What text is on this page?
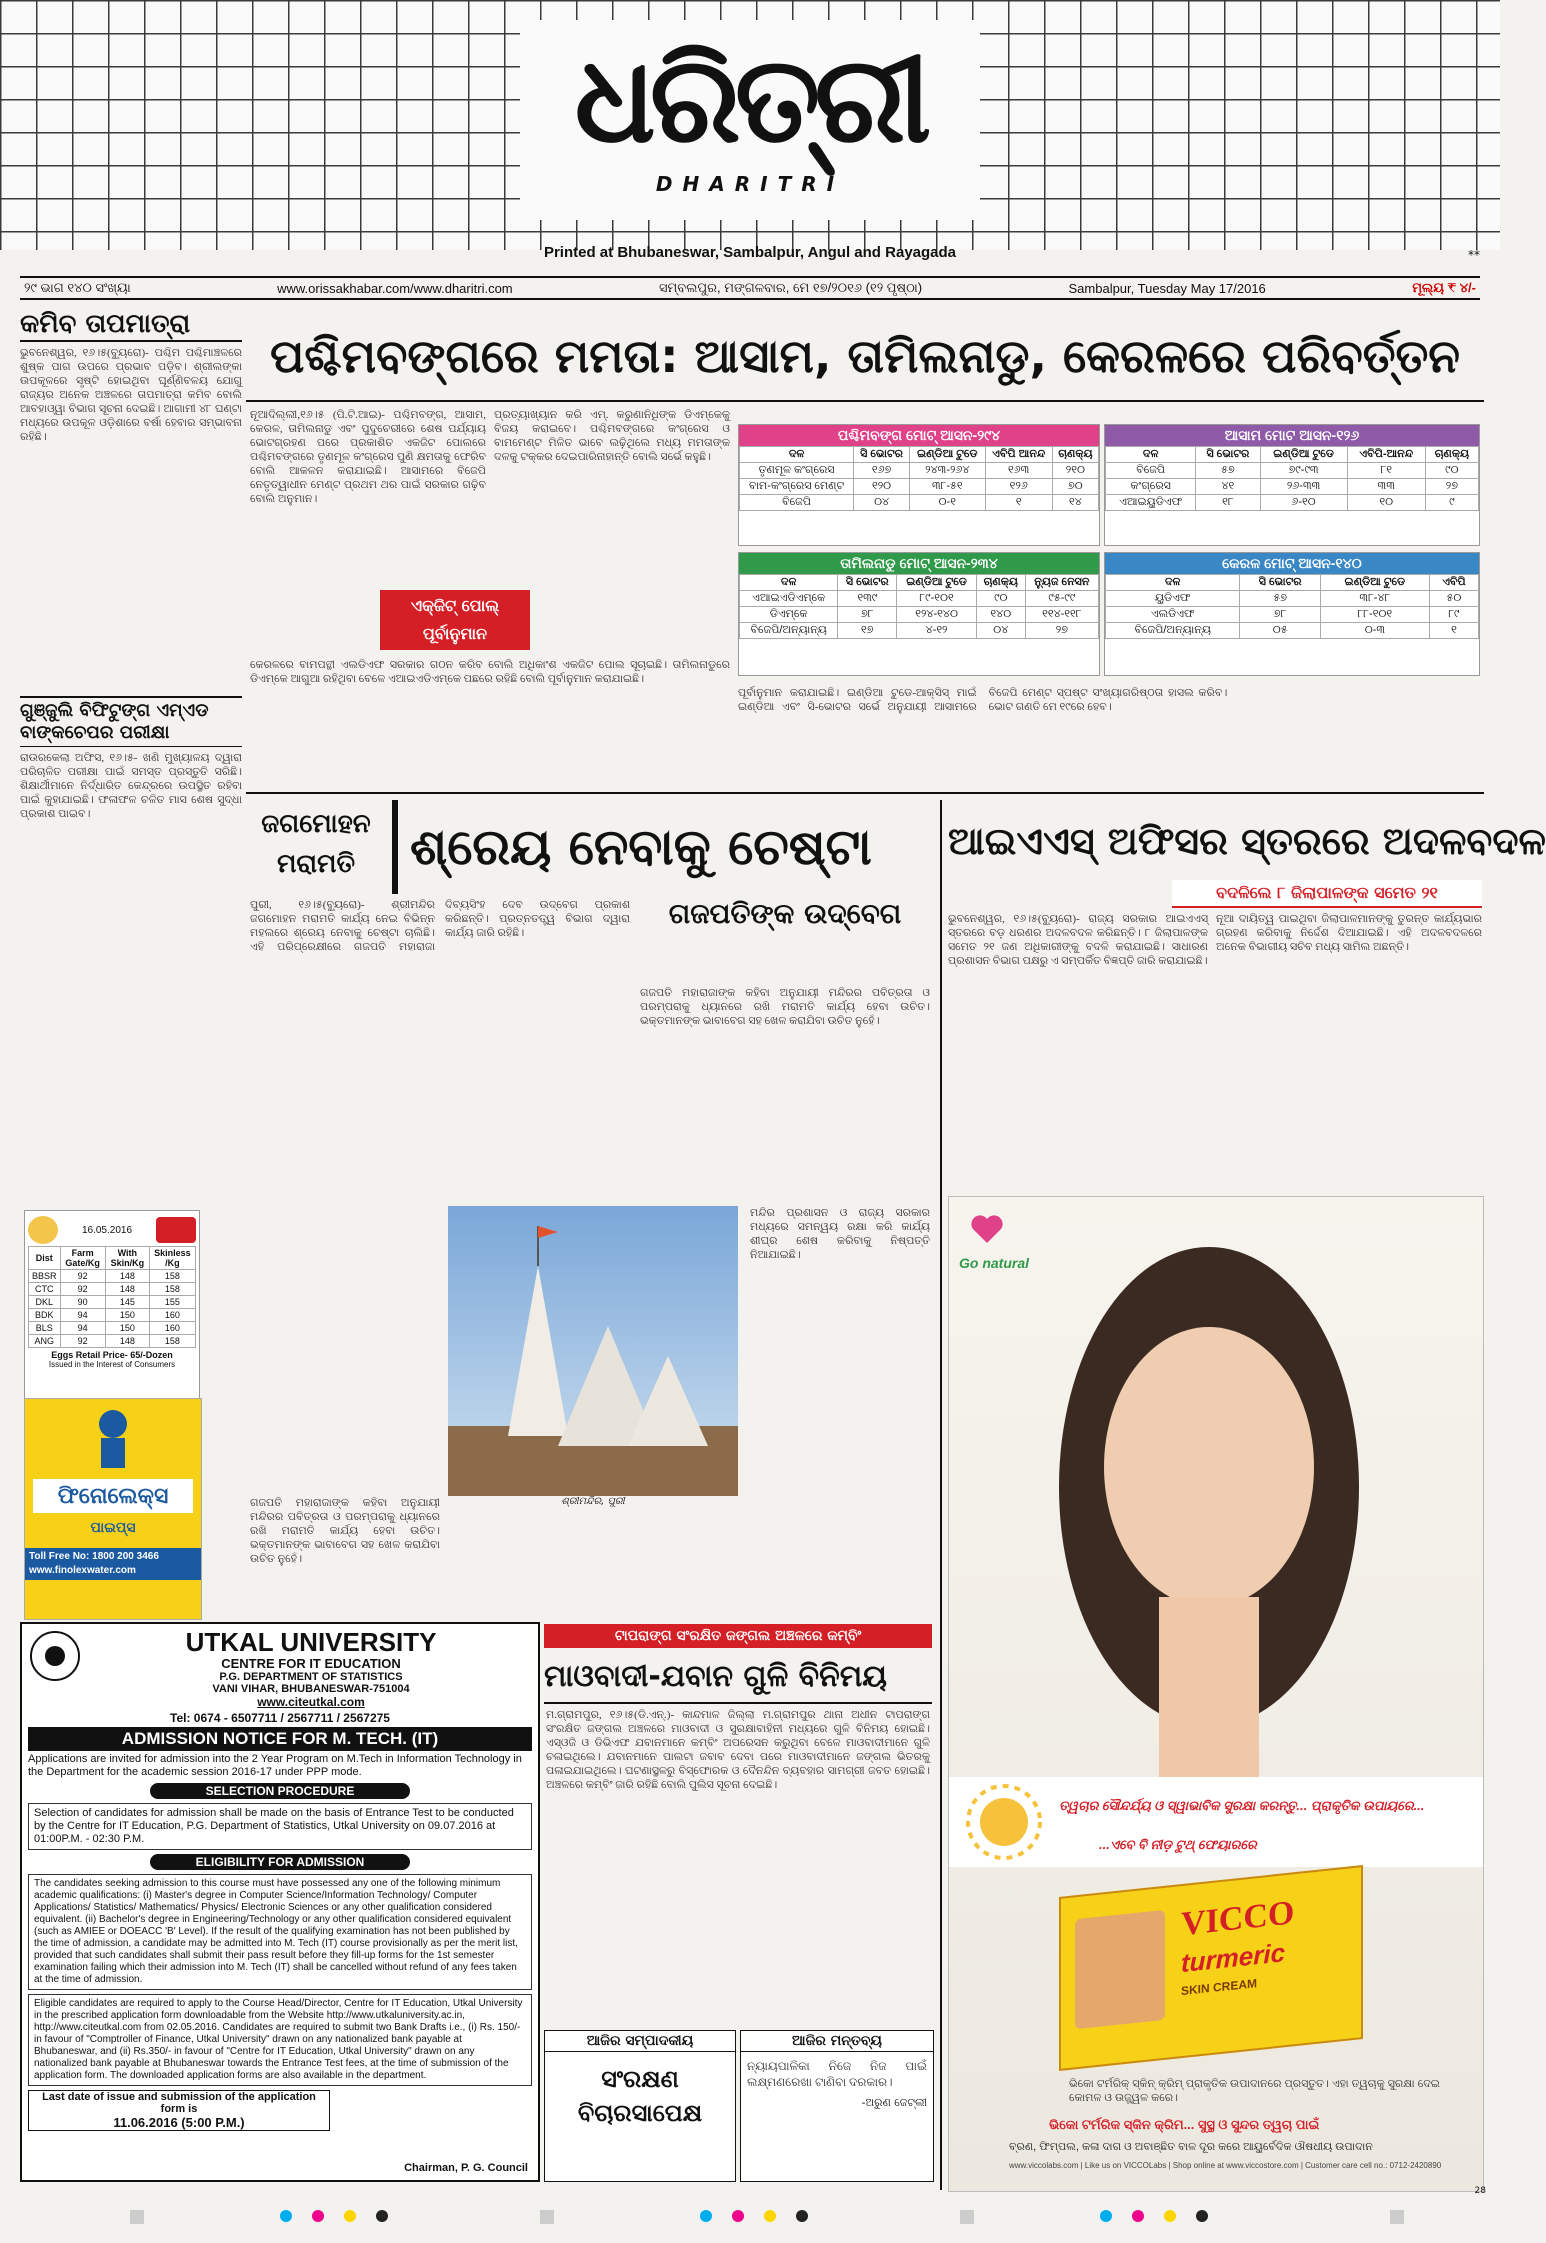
ଧରିତ୍ରୀ
DHARITRI
Printed at Bhubaneswar, Sambalpur, Angul and Rayagada	**
୨୯ ଭାଗ ୧୪୦ ସଂଖ୍ୟା	www.orissakhabar.com/www.dharitri.com	ସମ୍ବଲପୁର, ମଙ୍ଗଳବାର, ମେ ୧୭/୨୦୧୬ (୧୨ ପୃଷ୍ଠା)	Sambalpur, Tuesday May 17/2016	ମୂଲ୍ୟ ₹ ୪/-
କମିବ ତାପମାତ୍ରା
ଭୁବନେଶ୍ୱର, ୧୬।୫(ବ୍ୟୁରୋ)- ପଶ୍ଚିମ ପଶ୍ଚିମାଞ୍ଚଳରେ ଶୁଷ୍କ ପାଗ ଉପରେ ପ୍ରଭାବ ପଡ଼ିବ। ଶ୍ରୀଲଙ୍କା ଉପକୂଳରେ ସୃଷ୍ଟି ହୋଇଥିବା ଘୂର୍ଣ୍ଣିବଳୟ ଯୋଗୁ ରାଜ୍ୟର ଅନେକ ଅଞ୍ଚଳରେ ତାପମାତ୍ରା କମିବ ବୋଲି ଆବହାଓ୍ୱା ବିଭାଗ ସୂଚନା ଦେଇଛି। ଆଗାମୀ ୪୮ ଘଣ୍ଟା ମଧ୍ୟରେ ଉପକୂଳ ଓଡ଼ିଶାରେ ବର୍ଷା ହେବାର ସମ୍ଭାବନା ରହିଛି।
ଗୁଞ୍ଜୁଲି ବିଫିଟୁଙ୍ଗ ଏମ୍ଏଡ ବାଙ୍କଚେପର ପରୀକ୍ଷା
ରାଉରକେଲା ଅଫିସ, ୧୬।୫- ଖଣି ମୁଖ୍ୟାଳୟ ଦ୍ୱାରା ପରିଚାଳିତ ପରୀକ୍ଷା ପାଇଁ ସମସ୍ତ ପ୍ରସ୍ତୁତି ସରିଛି। ଶିକ୍ଷାର୍ଥୀମାନେ ନିର୍ଦ୍ଧାରିତ କେନ୍ଦ୍ରରେ ଉପସ୍ଥିତ ରହିବା ପାଇଁ କୁହାଯାଇଛି। ଫଳାଫଳ ଚଳିତ ମାସ ଶେଷ ସୁଦ୍ଧା ପ୍ରକାଶ ପାଇବ।
16.05.2016
Dist	Farm Gate/Kg	With Skin/Kg	Skinless /Kg
BBSR	92	148	158
CTC	92	148	158
DKL	90	145	155
BDK	94	150	160
BLS	94	150	160
ANG	92	148	158
Eggs Retail Price- 65/-Dozen
Issued in the Interest of Consumers
ଫିନୋଲେକ୍ସ
ପାଇପ୍ସ
Toll Free No: 1800 200 3466
www.finolexwater.com
UTKAL UNIVERSITY
CENTRE FOR IT EDUCATION
P.G. DEPARTMENT OF STATISTICS
VANI VIHAR, BHUBANESWAR-751004
www.citeutkal.com
Tel: 0674 - 6507711 / 2567711 / 2567275
ADMISSION NOTICE FOR M. TECH. (IT)
Applications are invited for admission into the 2 Year Program on M.Tech in Information Technology in the Department for the academic session 2016-17 under PPP mode.
SELECTION PROCEDURE
Selection of candidates for admission shall be made on the basis of Entrance Test to be conducted by the Centre for IT Education, P.G. Department of Statistics, Utkal University on 09.07.2016 at 01:00P.M. - 02:30 P.M.
ELIGIBILITY FOR ADMISSION
The candidates seeking admission to this course must have possessed any one of the following minimum academic qualifications: (i) Master's degree in Computer Science/Information Technology/ Computer Applications/ Statistics/ Mathematics/ Physics/ Electronic Sciences or any other qualification considered equivalent. (ii) Bachelor's degree in Engineering/Technology or any other qualification considered equivalent (such as AMIEE or DOEACC 'B' Level). If the result of the qualifying examination has not been published by the time of admission, a candidate may be admitted into M. Tech (IT) course provisionally as per the merit list, provided that such candidates shall submit their pass result before they fill-up forms for the 1st semester examination failing which their admission into M. Tech (IT) shall be cancelled without refund of any fees taken at the time of admission.
Eligible candidates are required to apply to the Course Head/Director, Centre for IT Education, Utkal University in the prescribed application form downloadable from the Website http://www.utkaluniversity.ac.in, http://www.citeutkal.com from 02.05.2016. Candidates are required to submit two Bank Drafts i.e., (i) Rs. 150/- in favour of "Comptroller of Finance, Utkal University" drawn on any nationalized bank payable at Bhubaneswar, and (ii) Rs.350/- in favour of "Centre for IT Education, Utkal University" drawn on any nationalized bank payable at Bhubaneswar towards the Entrance Test fees, at the time of submission of the application form. The downloaded application forms are also available in the department.
Last date of issue and submission of the application form is
11.06.2016 (5:00 P.M.)
Chairman, P. G. Council
ପଶ୍ଚିମବଙ୍ଗରେ ମମତା: ଆସାମ, ତାମିଲନାଡୁ, କେରଳରେ ପରିବର୍ତ୍ତନ
ନୂଆଦିଲ୍ଲୀ,୧୬।୫ (ପି.ଟି.ଆଇ)- ପଶ୍ଚିମବଙ୍ଗ, ଆସାମ, କେରଳ, ତାମିଲନାଡୁ ଏବଂ ପୁଦୁଚେରୀରେ ଶେଷ ପର୍ଯ୍ୟାୟ ଭୋଟଗ୍ରହଣ ପରେ ପ୍ରକାଶିତ ଏକଜିଟ ପୋଲରେ ପଶ୍ଚିମବଙ୍ଗରେ ତୃଣମୂଳ କଂଗ୍ରେସ ପୁଣି କ୍ଷମତାକୁ ଫେରିବ ବୋଲି ଆକଳନ କରାଯାଇଛି। ଆସାମରେ ବିଜେପି ନେତୃତ୍ୱାଧୀନ ମେଣ୍ଟ ପ୍ରଥମ ଥର ପାଇଁ ସରକାର ଗଢ଼ିବ ବୋଲି ଅନୁମାନ।
ପ୍ରତ୍ୟାଖ୍ୟାନ କରି ଏମ୍. କରୁଣାନିଧିଙ୍କ ଡିଏମ୍‌କେକୁ ବିଜୟ କରାଇବେ। ପଶ୍ଚିମବଙ୍ଗରେ କଂଗ୍ରେସ ଓ ବାମମେଣ୍ଟ ମିଳିତ ଭାବେ ଲଢ଼ିଥିଲେ ମଧ୍ୟ ମମତାଙ୍କ ଦଳକୁ ଟକ୍କର ଦେଇପାରିନାହାନ୍ତି ବୋଲି ସର୍ଭେ କହୁଛି।
ଏକ୍ଜିଟ୍ ପୋଲ୍ ପୂର୍ବାନୁମାନ
କେରଳରେ ବାମପନ୍ଥୀ ଏଲଡିଏଫ ସରକାର ଗଠନ କରିବ ବୋଲି ଅଧିକାଂଶ ଏକଜିଟ ପୋଲ ସୂଚାଇଛି। ତାମିଲନାଡୁରେ ଡିଏମ୍‌କେ ଆଗୁଆ ରହିଥିବା ବେଳେ ଏଆଇଏଡିଏମ୍‌କେ ପଛରେ ରହିଛି ବୋଲି ପୂର୍ବାନୁମାନ କରାଯାଇଛି।
ପଶ୍ଚିମବଙ୍ଗ ମୋଟ୍ ଆସନ-୨୯୪
ଦଳ	ସି ଭୋଟର	ଇଣ୍ଡିଆ ଟୁଡେ	ଏବିପି ଆନନ୍ଦ	ଚାଣକ୍ୟ
ତୃଣମୂଳ କଂଗ୍ରେସ	୧୬୭	୨୪୩-୨୬୪	୧୬୩	୨୧୦
ବାମ-କଂଗ୍ରେସ ମେଣ୍ଟ	୧୨୦	୩୮-୫୧	୧୨୬	୭୦
ବିଜେପି	୦୪	୦-୧	୧	୧୪
ଆସାମ ମୋଟ ଆସନ-୧୨୬
ଦଳ	ସି ଭୋଟର	ଇଣ୍ଡିଆ ଟୁଡେ	ଏବିପି-ଆନନ୍ଦ	ଚାଣକ୍ୟ
ବିଜେପି	୫୭	୭୯-୯୩	୮୧	୯୦
କଂଗ୍ରେସ	୪୧	୨୬-୩୩	୩୩	୨୭
ଏଆଇୟୁଡିଏଫ	୧୮	୬-୧୦	୧୦	୯
ତାମିଲନାଡୁ ମୋଟ୍ ଆସନ-୨୩୪
ଦଳ	ସି ଭୋଟର	ଇଣ୍ଡିଆ ଟୁଡେ	ଚାଣକ୍ୟ	ନ୍ୟୁଜ ନେସନ
ଏଆଇଏଡିଏମ୍‌କେ	୧୩୯	୮୯-୧୦୧	୯୦	୯୫-୯୯
ଡିଏମ୍‌କେ	୭୮	୧୨୪-୧୪୦	୧୪୦	୧୧୪-୧୧୮
ବିଜେପି/ଅନ୍ୟାନ୍ୟ	୧୭	୪-୧୨	୦୪	୨୭
କେରଳ ମୋଟ୍ ଆସନ-୧୪୦
ଦଳ	ସି ଭୋଟର	ଇଣ୍ଡିଆ ଟୁଡେ	ଏବିପି
ୟୁଡିଏଫ	୫୭	୩୮-୪୮	୫୦
ଏଲଡିଏଫ	୭୮	୮୮-୧୦୧	୮୯
ବିଜେପି/ଅନ୍ୟାନ୍ୟ	୦୫	୦-୩	୧
ପୂର୍ବାନୁମାନ କରାଯାଇଛି। ଇଣ୍ଡିଆ ଟୁଡେ-ଆକ୍ସିସ୍ ମାଇଁ ଇଣ୍ଡିଆ ଏବଂ ସି-ଭୋଟର ସର୍ଭେ ଅନୁଯାୟୀ ଆସାମରେ ବିଜେପି ମେଣ୍ଟ ସ୍ପଷ୍ଟ ସଂଖ୍ୟାଗରିଷ୍ଠତା ହାସଲ କରିବ। ଭୋଟ ଗଣତି ମେ ୧୯ରେ ହେବ।
ଜଗମୋହନ
ମରାମତି	ଶ୍ରେୟ ନେବାକୁ ଚେଷ୍ଟା
ଗଜପତିଙ୍କ ଉଦ୍‌ବେଗ
ପୁରୀ, ୧୬।୫(ବ୍ୟୁରୋ)- ଶ୍ରୀମନ୍ଦିର ଜଗମୋହନ ମରାମତି କାର୍ଯ୍ୟ ନେଇ ବିଭିନ୍ନ ମହଲରେ ଶ୍ରେୟ ନେବାକୁ ଚେଷ୍ଟା ଚାଲିଛି। ଏହି ପରିପ୍ରେକ୍ଷୀରେ ଗଜପତି ମହାରାଜା ଦିବ୍ୟସିଂହ ଦେବ ଉଦ୍‌ବେଗ ପ୍ରକାଶ କରିଛନ୍ତି। ପ୍ରତ୍ନତତ୍ତ୍ୱ ବିଭାଗ ଦ୍ୱାରା କାର୍ଯ୍ୟ ଜାରି ରହିଛି।
ଗଜପତି ମହାରାଜାଙ୍କ କହିବା ଅନୁଯାୟୀ ମନ୍ଦିରର ପବିତ୍ରତା ଓ ପରମ୍ପରାକୁ ଧ୍ୟାନରେ ରଖି ମରାମତି କାର୍ଯ୍ୟ ହେବା ଉଚିତ। ଭକ୍ତମାନଙ୍କ ଭାବାବେଗ ସହ ଖେଳ କରାଯିବା ଉଚିତ ନୁହେଁ।
ମନ୍ଦିର ପ୍ରଶାସନ ଓ ରାଜ୍ୟ ସରକାର ମଧ୍ୟରେ ସମନ୍ୱୟ ରକ୍ଷା କରି କାର୍ଯ୍ୟ ଶୀଘ୍ର ଶେଷ କରିବାକୁ ନିଷ୍ପତ୍ତି ନିଆଯାଇଛି।
ଶ୍ରୀମନ୍ଦିର, ପୁରୀ
ଗଜପତି ମହାରାଜାଙ୍କ କହିବା ଅନୁଯାୟୀ ମନ୍ଦିରର ପବିତ୍ରତା ଓ ପରମ୍ପରାକୁ ଧ୍ୟାନରେ ରଖି ମରାମତି କାର୍ଯ୍ୟ ହେବା ଉଚିତ। ଭକ୍ତମାନଙ୍କ ଭାବାବେଗ ସହ ଖେଳ କରାଯିବା ଉଚିତ ନୁହେଁ।
ଟାପରାଙ୍ଗ ସଂରକ୍ଷିତ ଜଙ୍ଗଲ ଅଞ୍ଚଳରେ କମ୍ବିଂ
ମାଓବାଦୀ-ଯବାନ ଗୁଳି ବିନିମୟ
ମ.ଗ୍ରାମପୁର, ୧୬।୫(ଡି.ଏନ୍.)- କାନ୍ଦମାଳ ଜିଲ୍ଲା ମ.ଗ୍ରାମପୁର ଥାନା ଅଧୀନ ଟାପରାଙ୍ଗ ସଂରକ୍ଷିତ ଜଙ୍ଗଲ ଅଞ୍ଚଳରେ ମାଓବାଦୀ ଓ ସୁରକ୍ଷାବାହିନୀ ମଧ୍ୟରେ ଗୁଳି ବିନିମୟ ହୋଇଛି। ଏସ୍‌ଓଜି ଓ ଡିଭିଏଫ ଯବାନମାନେ କମ୍ବିଂ ଅପରେସନ କରୁଥିବା ବେଳେ ମାଓବାଦୀମାନେ ଗୁଳି ଚଳାଇଥିଲେ। ଯବାନମାନେ ପାଲଟା ଜବାବ ଦେବା ପରେ ମାଓବାଦୀମାନେ ଜଙ୍ଗଲ ଭିତରକୁ ପଳାଇଯାଇଥିଲେ। ଘଟଣାସ୍ଥଳରୁ ବିସ୍ଫୋରକ ଓ ଦୈନନ୍ଦିନ ବ୍ୟବହାର ସାମଗ୍ରୀ ଜବତ ହୋଇଛି। ଅଞ୍ଚଳରେ କମ୍ବିଂ ଜାରି ରହିଛି ବୋଲି ପୁଲିସ ସୂଚନା ଦେଇଛି।
ଆଜିର ସମ୍ପାଦକୀୟ
ସଂରକ୍ଷଣ ବିଚାରସାପେକ୍ଷ
ଆଜିର ମନ୍ତବ୍ୟ
ନ୍ୟାୟପାଳିକା ନିଜେ ନିଜ ପାଇଁ ଲକ୍ଷ୍ମଣରେଖା ଟାଣିବା ଦରକାର।
-ଅରୁଣ ଜେଟ୍‌ଲୀ
ଆଇଏଏସ୍ ଅଫିସର ସ୍ତରରେ ଅଦଳବଦଳ
ବଦଳିଲେ ୮ ଜିଲାପାଳଙ୍କ ସମେତ ୨୧
ଭୁବନେଶ୍ୱର, ୧୬।୫(ବ୍ୟୁରୋ)- ରାଜ୍ୟ ସରକାର ଆଇଏଏସ୍ ସ୍ତରରେ ବଡ଼ ଧରଣର ଅଦଳବଦଳ କରିଛନ୍ତି। ୮ ଜିଲାପାଳଙ୍କ ସମେତ ୨୧ ଜଣ ଅଧିକାରୀଙ୍କୁ ବଦଳି କରାଯାଇଛି। ସାଧାରଣ ପ୍ରଶାସନ ବିଭାଗ ପକ୍ଷରୁ ଏ ସମ୍ପର୍କିତ ବିଜ୍ଞପ୍ତି ଜାରି କରାଯାଇଛି।
ନୂଆ ଦାୟିତ୍ୱ ପାଇଥିବା ଜିଲାପାଳମାନଙ୍କୁ ତୁରନ୍ତ କାର୍ଯ୍ୟଭାର ଗ୍ରହଣ କରିବାକୁ ନିର୍ଦ୍ଦେଶ ଦିଆଯାଇଛି। ଏହି ଅଦଳବଦଳରେ ଅନେକ ବିଭାଗୀୟ ସଚିବ ମଧ୍ୟ ସାମିଲ ଅଛନ୍ତି।
Go natural
ତ୍ୱଚାର ସୌନ୍ଦର୍ଯ୍ୟ ଓ ସ୍ୱାଭାବିକ ସୁରକ୍ଷା କରନ୍ତୁ... ପ୍ରାକୃତିକ ଉପାୟରେ...
...ଏବେ ବି ନୀଡ଼ ଟୁଥ୍ ଫେୟାରରେ
VICCO
turmeric
SKIN CREAM
ଭିକୋ ଟର୍ମରିକ୍ ସ୍କିନ୍ କ୍ରିମ୍ ପ୍ରାକୃତିକ ଉପାଦାନରେ ପ୍ରସ୍ତୁତ। ଏହା ତ୍ୱଚାକୁ ସୁରକ୍ଷା ଦେଇ କୋମଳ ଓ ଉଜ୍ଜ୍ୱଳ କରେ।
ଭିକୋ ଟର୍ମରିକ ସ୍କିନ କ୍ରିମ... ସୁସ୍ଥ ଓ ସୁନ୍ଦର ତ୍ୱଚା ପାଇଁ
ବ୍ରଣ, ଫିମ୍ପଲ, କଳା ଦାଗ ଓ ଅବାଞ୍ଛିତ ବାଳ ଦୂର କରେ ଆୟୁର୍ବେଦିକ ଔଷଧୀୟ ଉପାଦାନ
www.viccolabs.com | Like us on VICCOLabs | Shop online at www.viccostore.com | Customer care cell no.: 0712-2420890
28
